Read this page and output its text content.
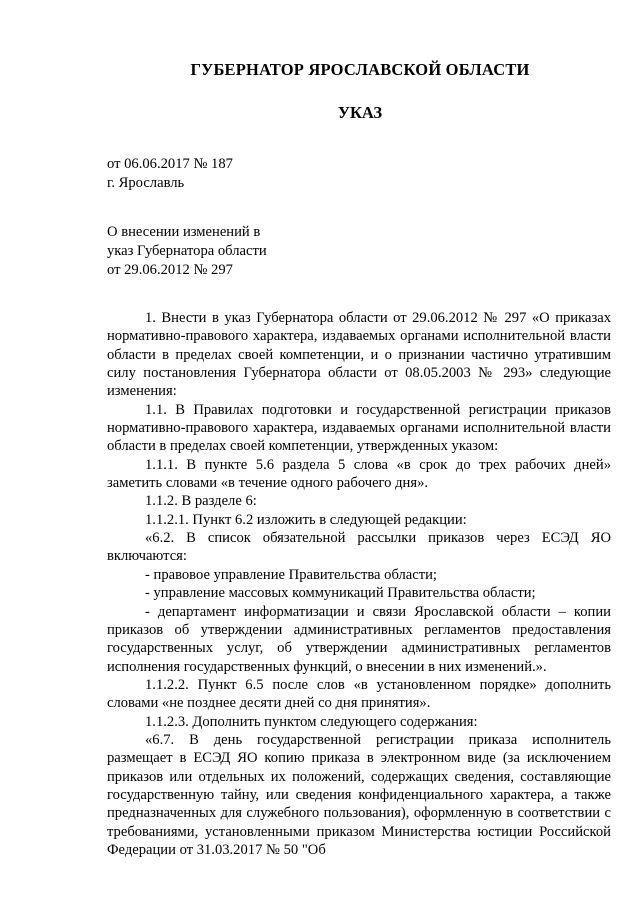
ГУБЕРНАТОР ЯРОСЛАВСКОЙ ОБЛАСТИ
УКАЗ
от 06.06.2017 № 187
г. Ярославль
О внесении изменений в
указ Губернатора области
от 29.06.2012 № 297

1. Внести в указ Губернатора области от 29.06.2012 № 297 «О приказах нормативно-правового характера, издаваемых органами исполнительной власти области в пределах своей компетенции, и о признании частично утратившим силу постановления Губернатора области от 08.05.2003 № 293» следующие изменения:

1.1. В Правилах подготовки и государственной регистрации приказов нормативно-правового характера, издаваемых органами исполнительной власти области в пределах своей компетенции, утвержденных указом:

1.1.1. В пункте 5.6 раздела 5 слова «в срок до трех рабочих дней» заметить словами «в течение одного рабочего дня».

1.1.2. В разделе 6:

1.1.2.1. Пункт 6.2 изложить в следующей редакции:

«6.2. В список обязательной рассылки приказов через ЕСЭД ЯО включаются:

- правовое управление Правительства области;

- управление массовых коммуникаций Правительства области;

- департамент информатизации и связи Ярославской области – копии приказов об утверждении административных регламентов предоставления государственных услуг, об утверждении административных регламентов исполнения государственных функций, о внесении в них изменений.».

1.1.2.2. Пункт 6.5 после слов «в установленном порядке» дополнить словами «не позднее десяти дней со дня принятия».

1.1.2.3. Дополнить пунктом следующего содержания:

«6.7. В день государственной регистрации приказа исполнитель размещает в ЕСЭД ЯО копию приказа в электронном виде (за исключением приказов или отдельных их положений, содержащих сведения, составляющие государственную тайну, или сведения конфиденциального характера, а также предназначенных для служебного пользования), оформленную в соответствии с требованиями, установленными приказом Министерства юстиции Российской Федерации от 31.03.2017 № 50 "Об
